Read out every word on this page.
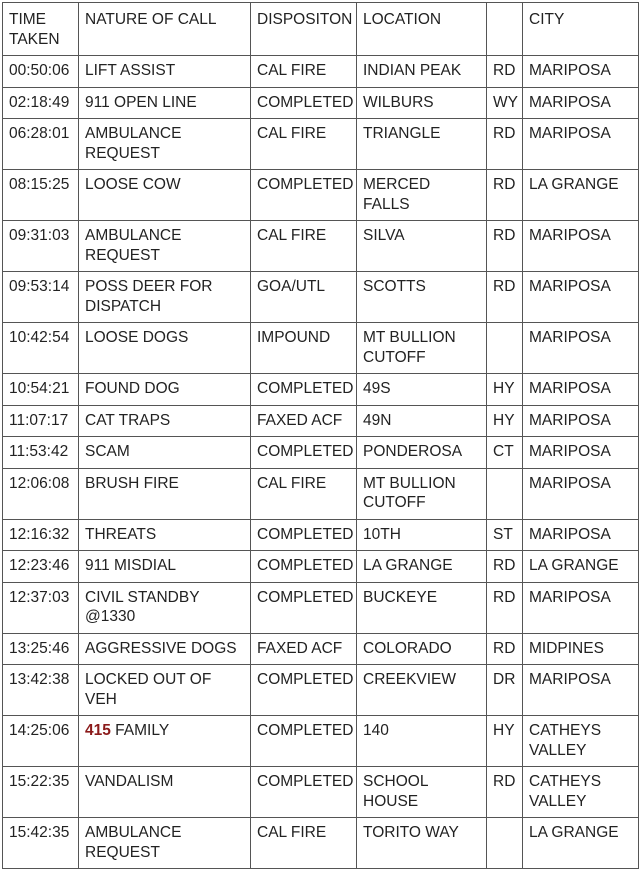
TIME TAKEN	NATURE OF CALL	DISPOSITON	LOCATION		CITY
00:50:06	LIFT ASSIST	CAL FIRE	INDIAN PEAK	RD	MARIPOSA
02:18:49	911 OPEN LINE	COMPLETED	WILBURS	WY	MARIPOSA
06:28:01	AMBULANCE REQUEST	CAL FIRE	TRIANGLE	RD	MARIPOSA
08:15:25	LOOSE COW	COMPLETED	MERCED FALLS	RD	LA GRANGE
09:31:03	AMBULANCE REQUEST	CAL FIRE	SILVA	RD	MARIPOSA
09:53:14	POSS DEER FOR DISPATCH	GOA/UTL	SCOTTS	RD	MARIPOSA
10:42:54	LOOSE DOGS	IMPOUND	MT BULLION CUTOFF		MARIPOSA
10:54:21	FOUND DOG	COMPLETED	49S	HY	MARIPOSA
11:07:17	CAT TRAPS	FAXED ACF	49N	HY	MARIPOSA
11:53:42	SCAM	COMPLETED	PONDEROSA	CT	MARIPOSA
12:06:08	BRUSH FIRE	CAL FIRE	MT BULLION CUTOFF		MARIPOSA
12:16:32	THREATS	COMPLETED	10TH	ST	MARIPOSA
12:23:46	911 MISDIAL	COMPLETED	LA GRANGE	RD	LA GRANGE
12:37:03	CIVIL STANDBY @1330	COMPLETED	BUCKEYE	RD	MARIPOSA
13:25:46	AGGRESSIVE DOGS	FAXED ACF	COLORADO	RD	MIDPINES
13:42:38	LOCKED OUT OF VEH	COMPLETED	CREEKVIEW	DR	MARIPOSA
14:25:06	415 FAMILY	COMPLETED	140	HY	CATHEYS VALLEY
15:22:35	VANDALISM	COMPLETED	SCHOOL HOUSE	RD	CATHEYS VALLEY
15:42:35	AMBULANCE REQUEST	CAL FIRE	TORITO WAY		LA GRANGE
